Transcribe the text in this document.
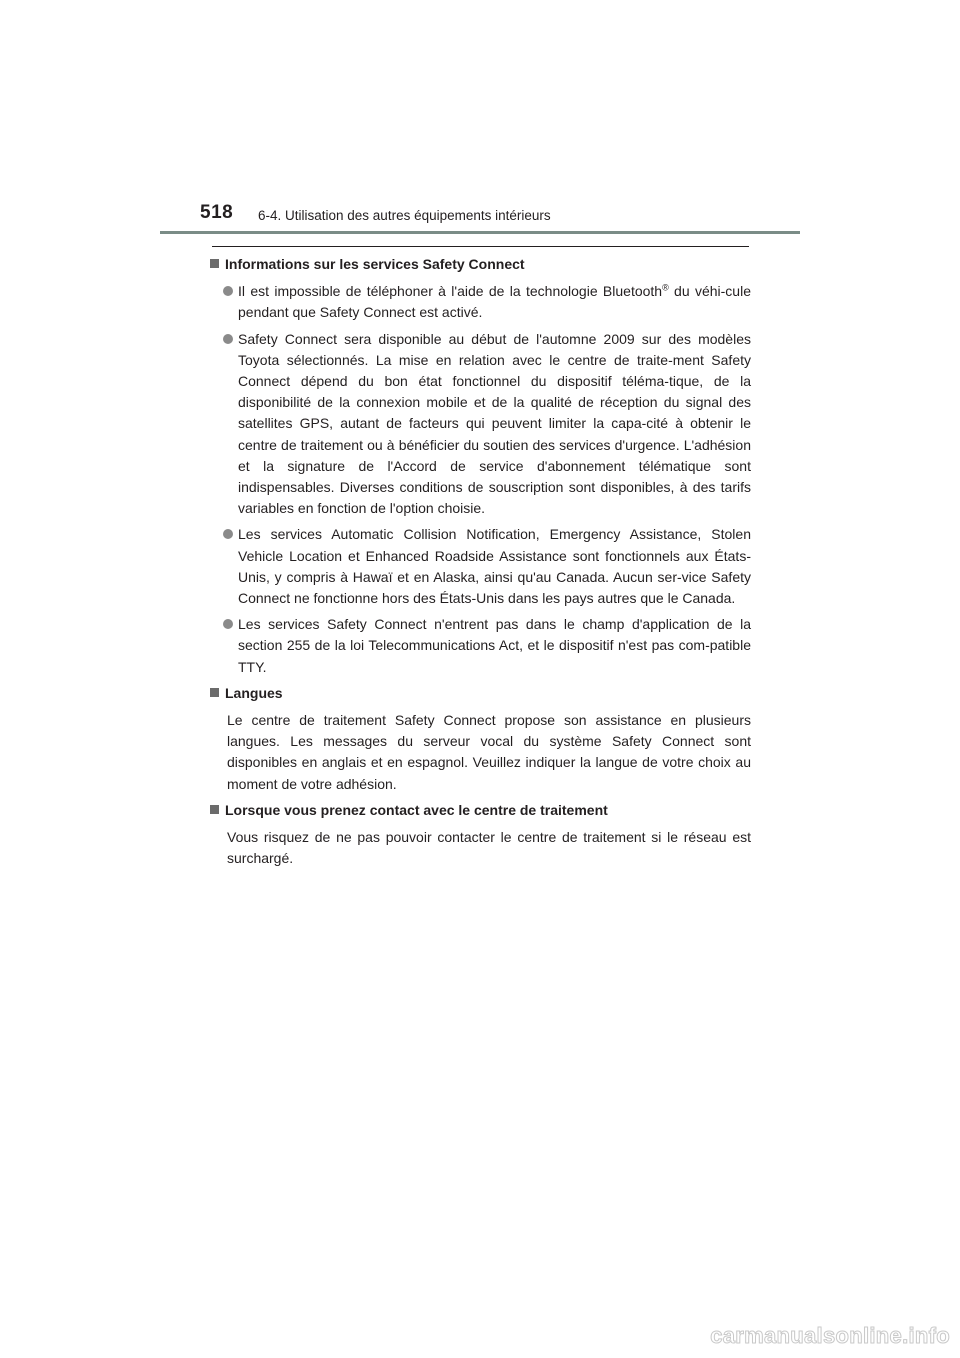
518 6-4. Utilisation des autres équipements intérieurs
Informations sur les services Safety Connect
Il est impossible de téléphoner à l'aide de la technologie Bluetooth® du véhi-cule pendant que Safety Connect est activé.
Safety Connect sera disponible au début de l'automne 2009 sur des modèles Toyota sélectionnés. La mise en relation avec le centre de traite-ment Safety Connect dépend du bon état fonctionnel du dispositif téléma-tique, de la disponibilité de la connexion mobile et de la qualité de réception du signal des satellites GPS, autant de facteurs qui peuvent limiter la capa-cité à obtenir le centre de traitement ou à bénéficier du soutien des services d'urgence. L'adhésion et la signature de l'Accord de service d'abonnement télématique sont indispensables. Diverses conditions de souscription sont disponibles, à des tarifs variables en fonction de l'option choisie.
Les services Automatic Collision Notification, Emergency Assistance, Stolen Vehicle Location et Enhanced Roadside Assistance sont fonctionnels aux États-Unis, y compris à Hawaï et en Alaska, ainsi qu'au Canada. Aucun ser-vice Safety Connect ne fonctionne hors des États-Unis dans les pays autres que le Canada.
Les services Safety Connect n'entrent pas dans le champ d'application de la section 255 de la loi Telecommunications Act, et le dispositif n'est pas com-patible TTY.
Langues
Le centre de traitement Safety Connect propose son assistance en plusieurs langues. Les messages du serveur vocal du système Safety Connect sont disponibles en anglais et en espagnol. Veuillez indiquer la langue de votre choix au moment de votre adhésion.
Lorsque vous prenez contact avec le centre de traitement
Vous risquez de ne pas pouvoir contacter le centre de traitement si le réseau est surchargé.
carmanualsonline.info
